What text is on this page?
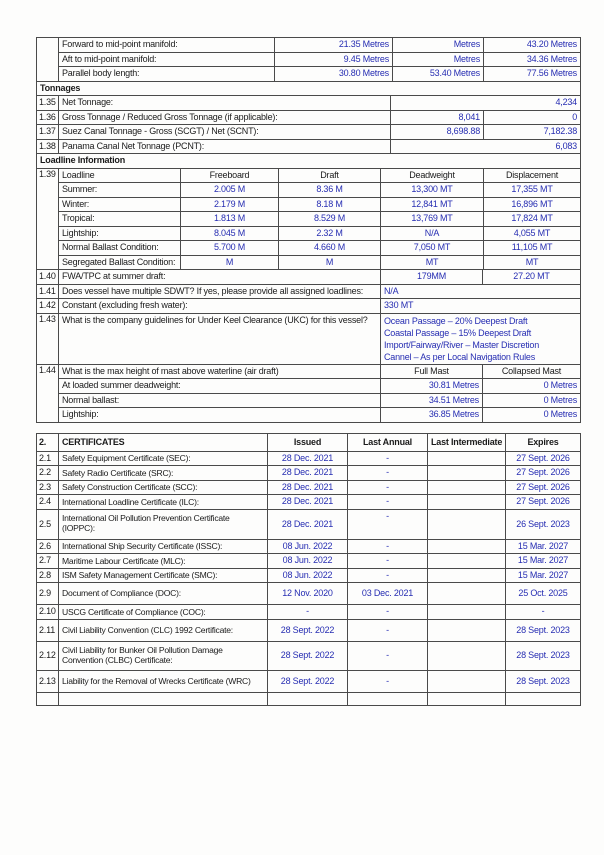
	Forward to mid-point manifold:	21.35 Metres	Metres	43.20 Metres
	Aft to mid-point manifold:	9.45 Metres	Metres	34.36 Metres
	Parallel body length:	30.80 Metres	53.40 Metres	77.56 Metres
Tonnages			
1.35	Net Tonnage:	4,234	
1.36	Gross Tonnage / Reduced Gross Tonnage (if applicable):	8,041	0
1.37	Suez Canal Tonnage - Gross (SCGT) / Net (SCNT):	8,698.88	7,182.38
1.38	Panama Canal Net Tonnage (PCNT):	6,083	
Loadline Information					
1.39	Loadline	Freeboard	Draft	Deadweight	Displacement
	Summer:	2.005 M	8.36 M	13,300 MT	17,355 MT
	Winter:	2.179 M	8.18 M	12,841 MT	16,896 MT
	Tropical:	1.813 M	8.529 M	13,769 MT	17,824 MT
	Lightship:	8.045 M	2.32 M	N/A	4,055 MT
	Normal Ballast Condition:	5.700 M	4.660 M	7,050 MT	11,105 MT
	Segregated Ballast Condition:	M	M	MT	MT
1.40	FWA/TPC at summer draft:	179MM	27.20 MT
1.41	Does vessel have multiple SDWT? If yes, please provide all assigned loadlines:	N/A
1.42	Constant (excluding fresh water):	330 MT
1.43	What is the company guidelines for Under Keel Clearance (UKC) for this vessel?	Ocean Passage – 20% Deepest Draft
Coastal Passage – 15% Deepest Draft
Import/Fairway/River – Master Discretion
Cannel – As per Local Navigation Rules
1.44	What is the max height of mast above waterline (air draft)	Full Mast	Collapsed Mast
	At loaded summer deadweight:	30.81 Metres	0 Metres
	Normal ballast:	34.51 Metres	0 Metres
	Lightship:	36.85 Metres	0 Metres
2.	CERTIFICATES	Issued	Last Annual	Last Intermediate	Expires
2.1	Safety Equipment Certificate (SEC):	28 Dec. 2021	-		27 Sept. 2026
2.2	Safety Radio Certificate (SRC):	28 Dec. 2021	-		27 Sept. 2026
2.3	Safety Construction Certificate (SCC):	28 Dec. 2021	-		27 Sept. 2026
2.4	International Loadline Certificate (ILC):	28 Dec. 2021	-		27 Sept. 2026
2.5	International Oil Pollution Prevention Certificate (IOPPC):	28 Dec. 2021	-		26 Sept. 2023
2.6	International Ship Security Certificate (ISSC):	08 Jun. 2022	-		15 Mar. 2027
2.7	Maritime Labour Certificate (MLC):	08 Jun. 2022	-		15 Mar. 2027
2.8	ISM Safety Management Certificate (SMC):	08 Jun. 2022	-		15 Mar. 2027
2.9	Document of Compliance (DOC):	12 Nov. 2020	03 Dec. 2021		25 Oct. 2025
2.10	USCG Certificate of Compliance (COC):	-	-		-
2.11	Civil Liability Convention (CLC) 1992 Certificate:	28 Sept. 2022	-		28 Sept. 2023
2.12	Civil Liability for Bunker Oil Pollution Damage Convention (CLBC) Certificate:	28 Sept. 2022	-		28 Sept. 2023
2.13	Liability for the Removal of Wrecks Certificate (WRC)	28 Sept. 2022	-		28 Sept. 2023
